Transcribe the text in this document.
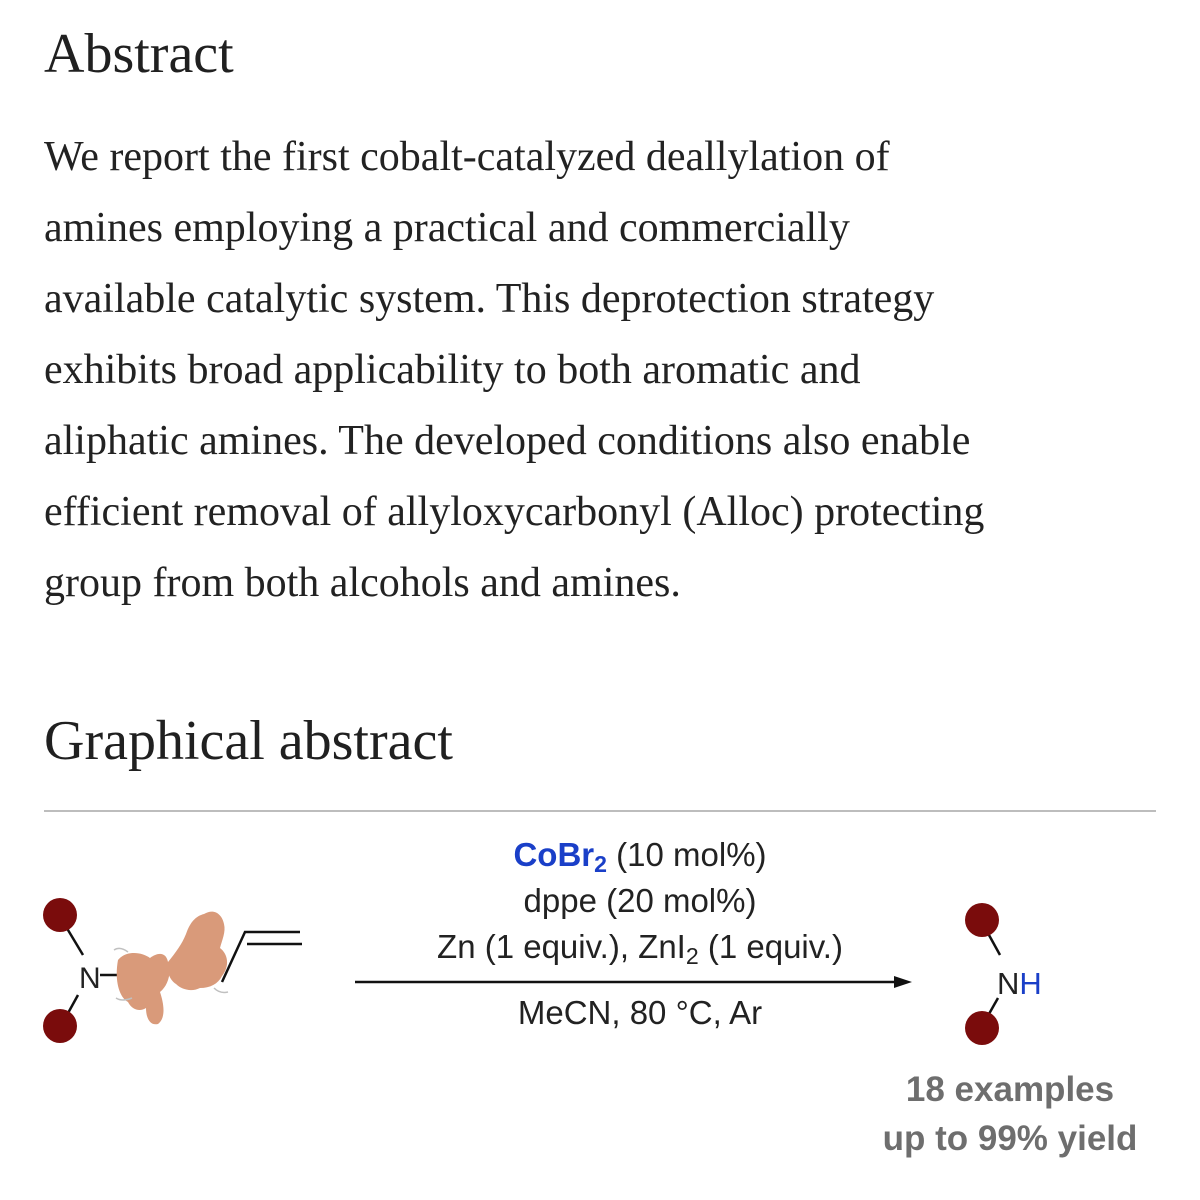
Abstract

We report the first cobalt-catalyzed deallylation of
amines employing a practical and commercially
available catalytic system. This deprotection strategy
exhibits broad applicability to both aromatic and
aliphatic amines. The developed conditions also enable
efficient removal of allyloxycarbonyl (Alloc) protecting
group from both alcohols and amines.

Graphical abstract
N
CoBr$_2$ (10 mol%)
dppe (20 mol%)
Zn (1 equiv.), ZnI$_2$ (1 equiv.)
MeCN, 80 °C, Ar
NH
18 examples
up to 99% yield
